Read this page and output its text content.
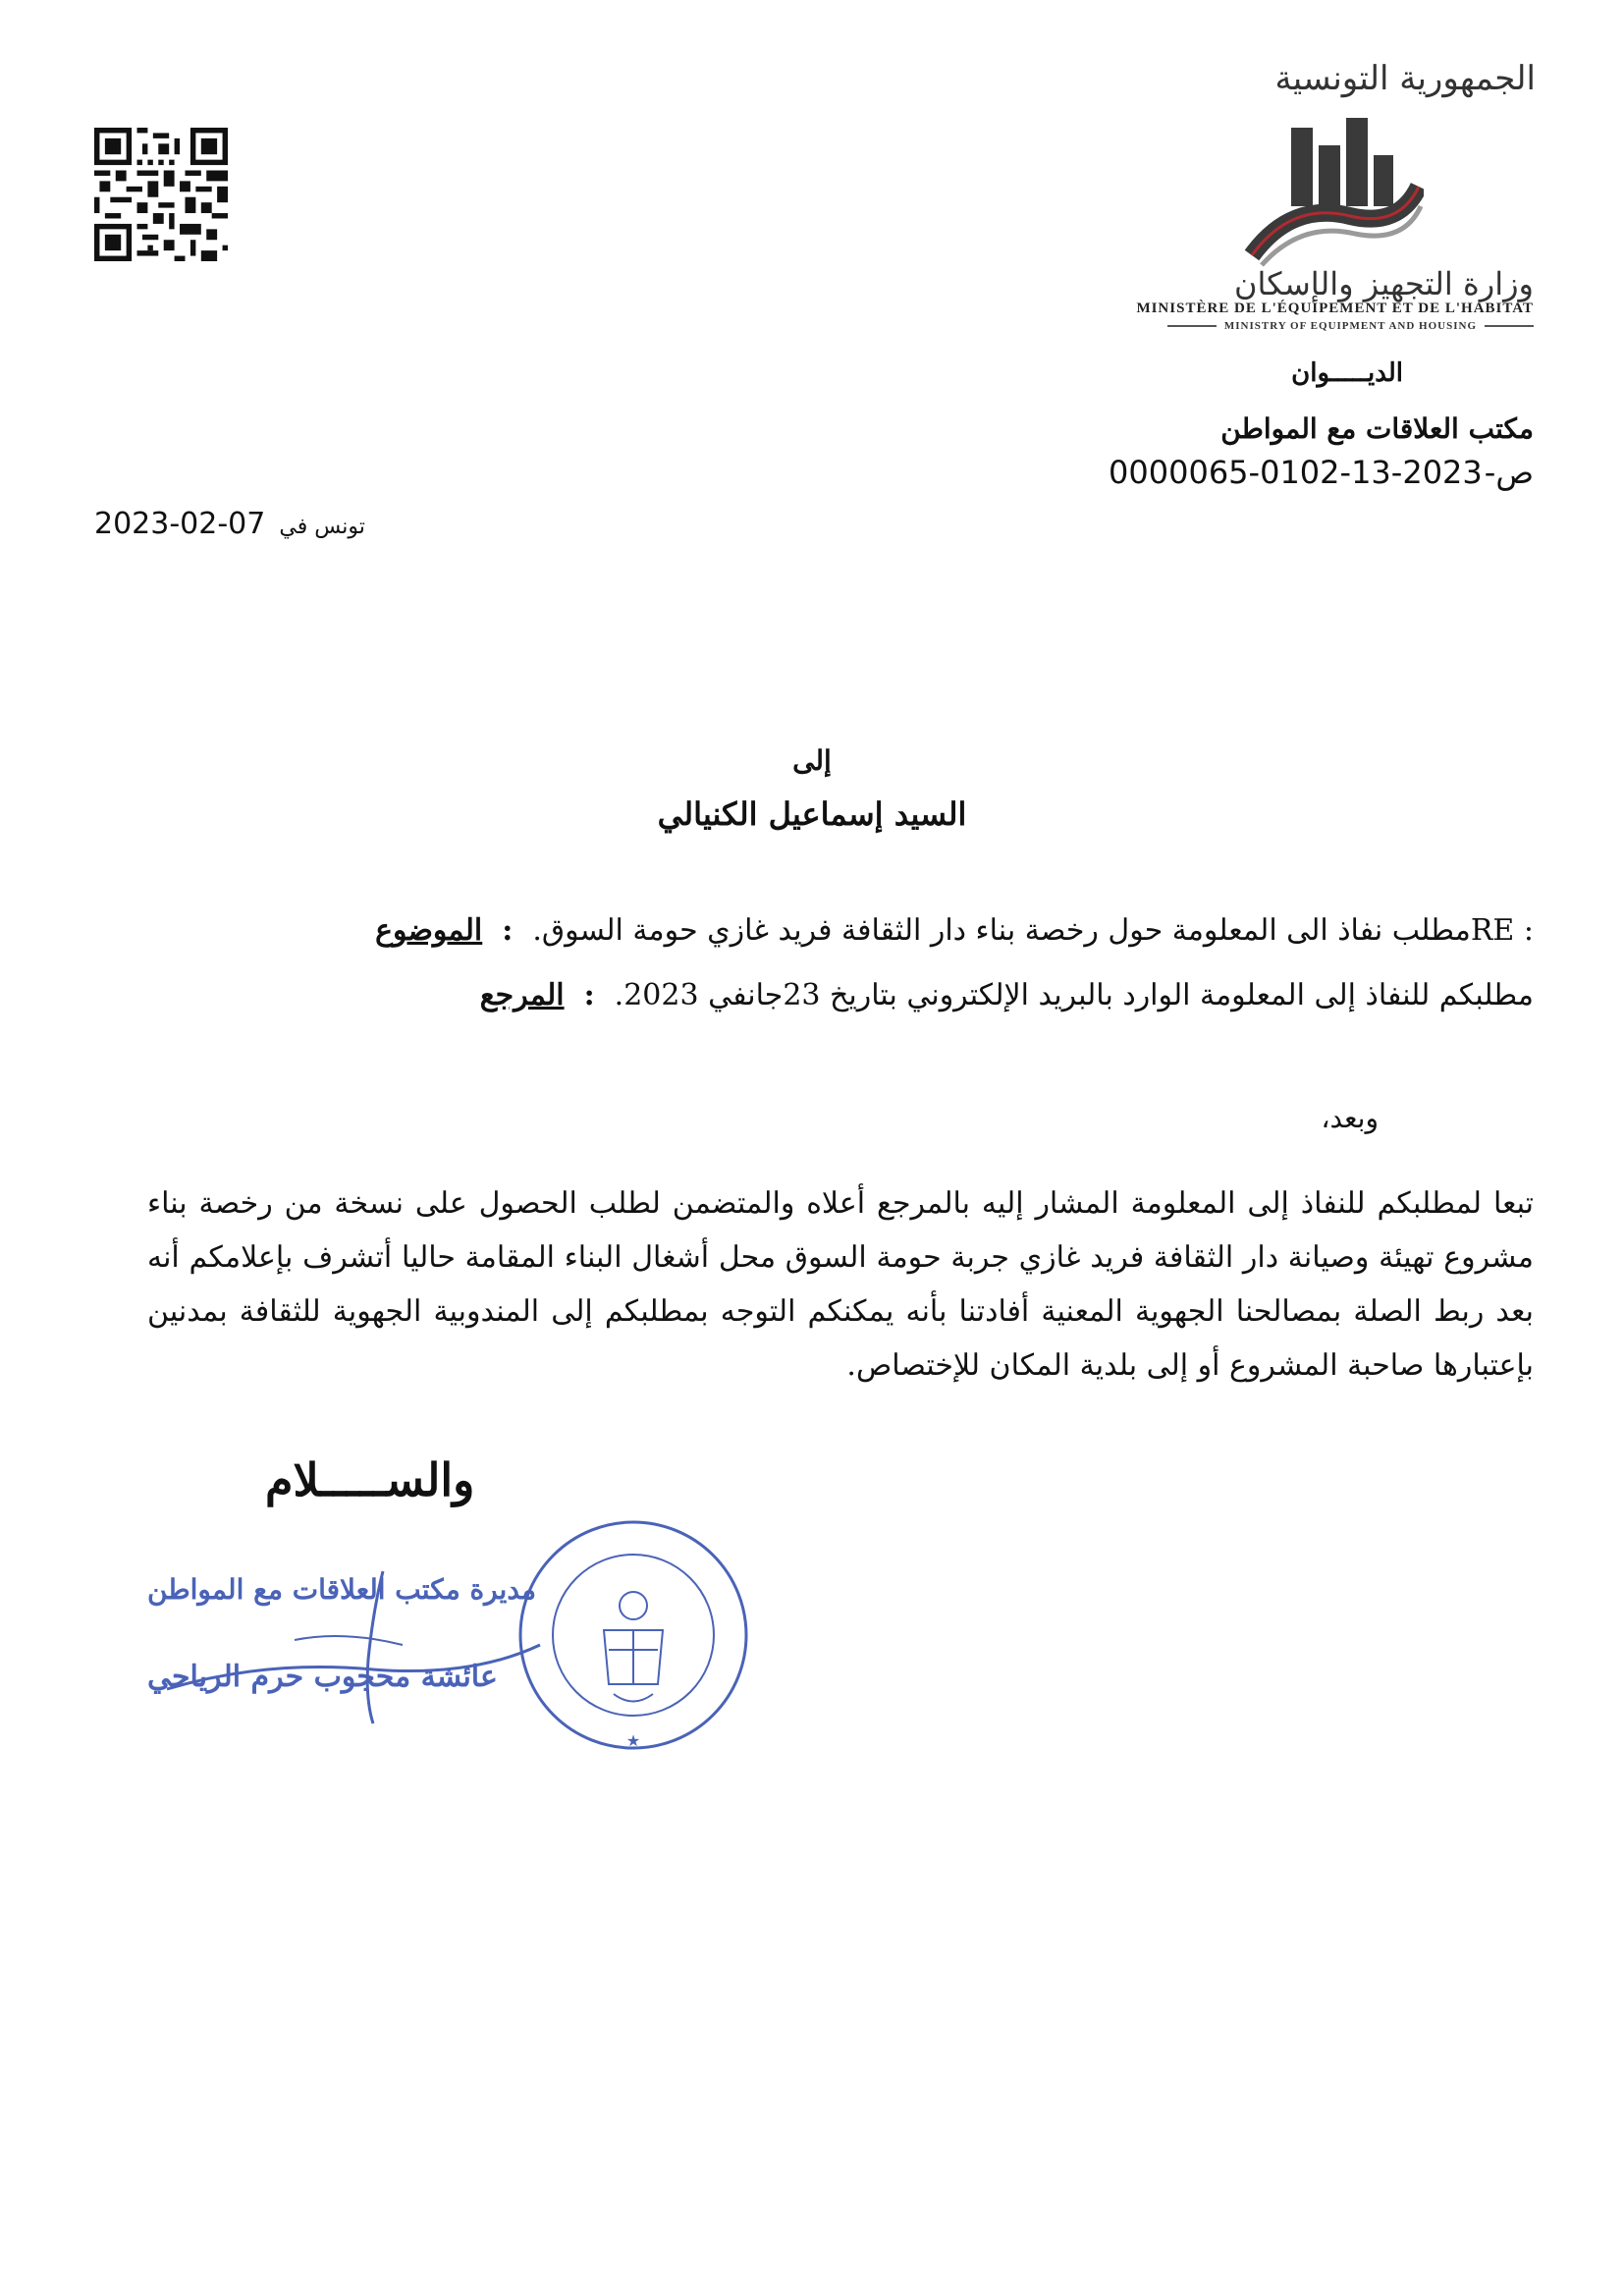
الجمهورية التونسية
وزارة التجهيز والإسكان
MINISTÈRE DE L'ÉQUIPEMENT ET DE L'HABITAT
MINISTRY OF EQUIPMENT AND HOUSING
الديـــــوان
مكتب العلاقات مع المواطن
0000065-0102-13-2023 ص-
2023-02-07 تونس في
إلى
السيد إسماعيل الكنيالي
الموضوع : : REمطلب نفاذ الى المعلومة حول رخصة بناء دار الثقافة فريد غازي حومة السوق.
المرجع : مطلبكم للنفاذ إلى المعلومة الوارد بالبريد الإلكتروني بتاريخ 23جانفي 2023.
وبعد،
تبعا لمطلبكم للنفاذ إلى المعلومة المشار إليه بالمرجع أعلاه والمتضمن لطلب الحصول على نسخة من رخصة بناء مشروع تهيئة وصيانة دار الثقافة فريد غازي جربة حومة السوق محل أشغال البناء المقامة حاليا أتشرف بإعلامكم أنه بعد ربط الصلة بمصالحنا الجهوية المعنية أفادتنا بأنه يمكنكم التوجه بمطلبكم إلى المندوبية الجهوية للثقافة بمدنين بإعتبارها صاحبة المشروع أو إلى بلدية المكان للإختصاص.
والســـــلام
مديرة مكتب العلاقات مع المواطن
عائشة محجوب حرم الرياحي
★
